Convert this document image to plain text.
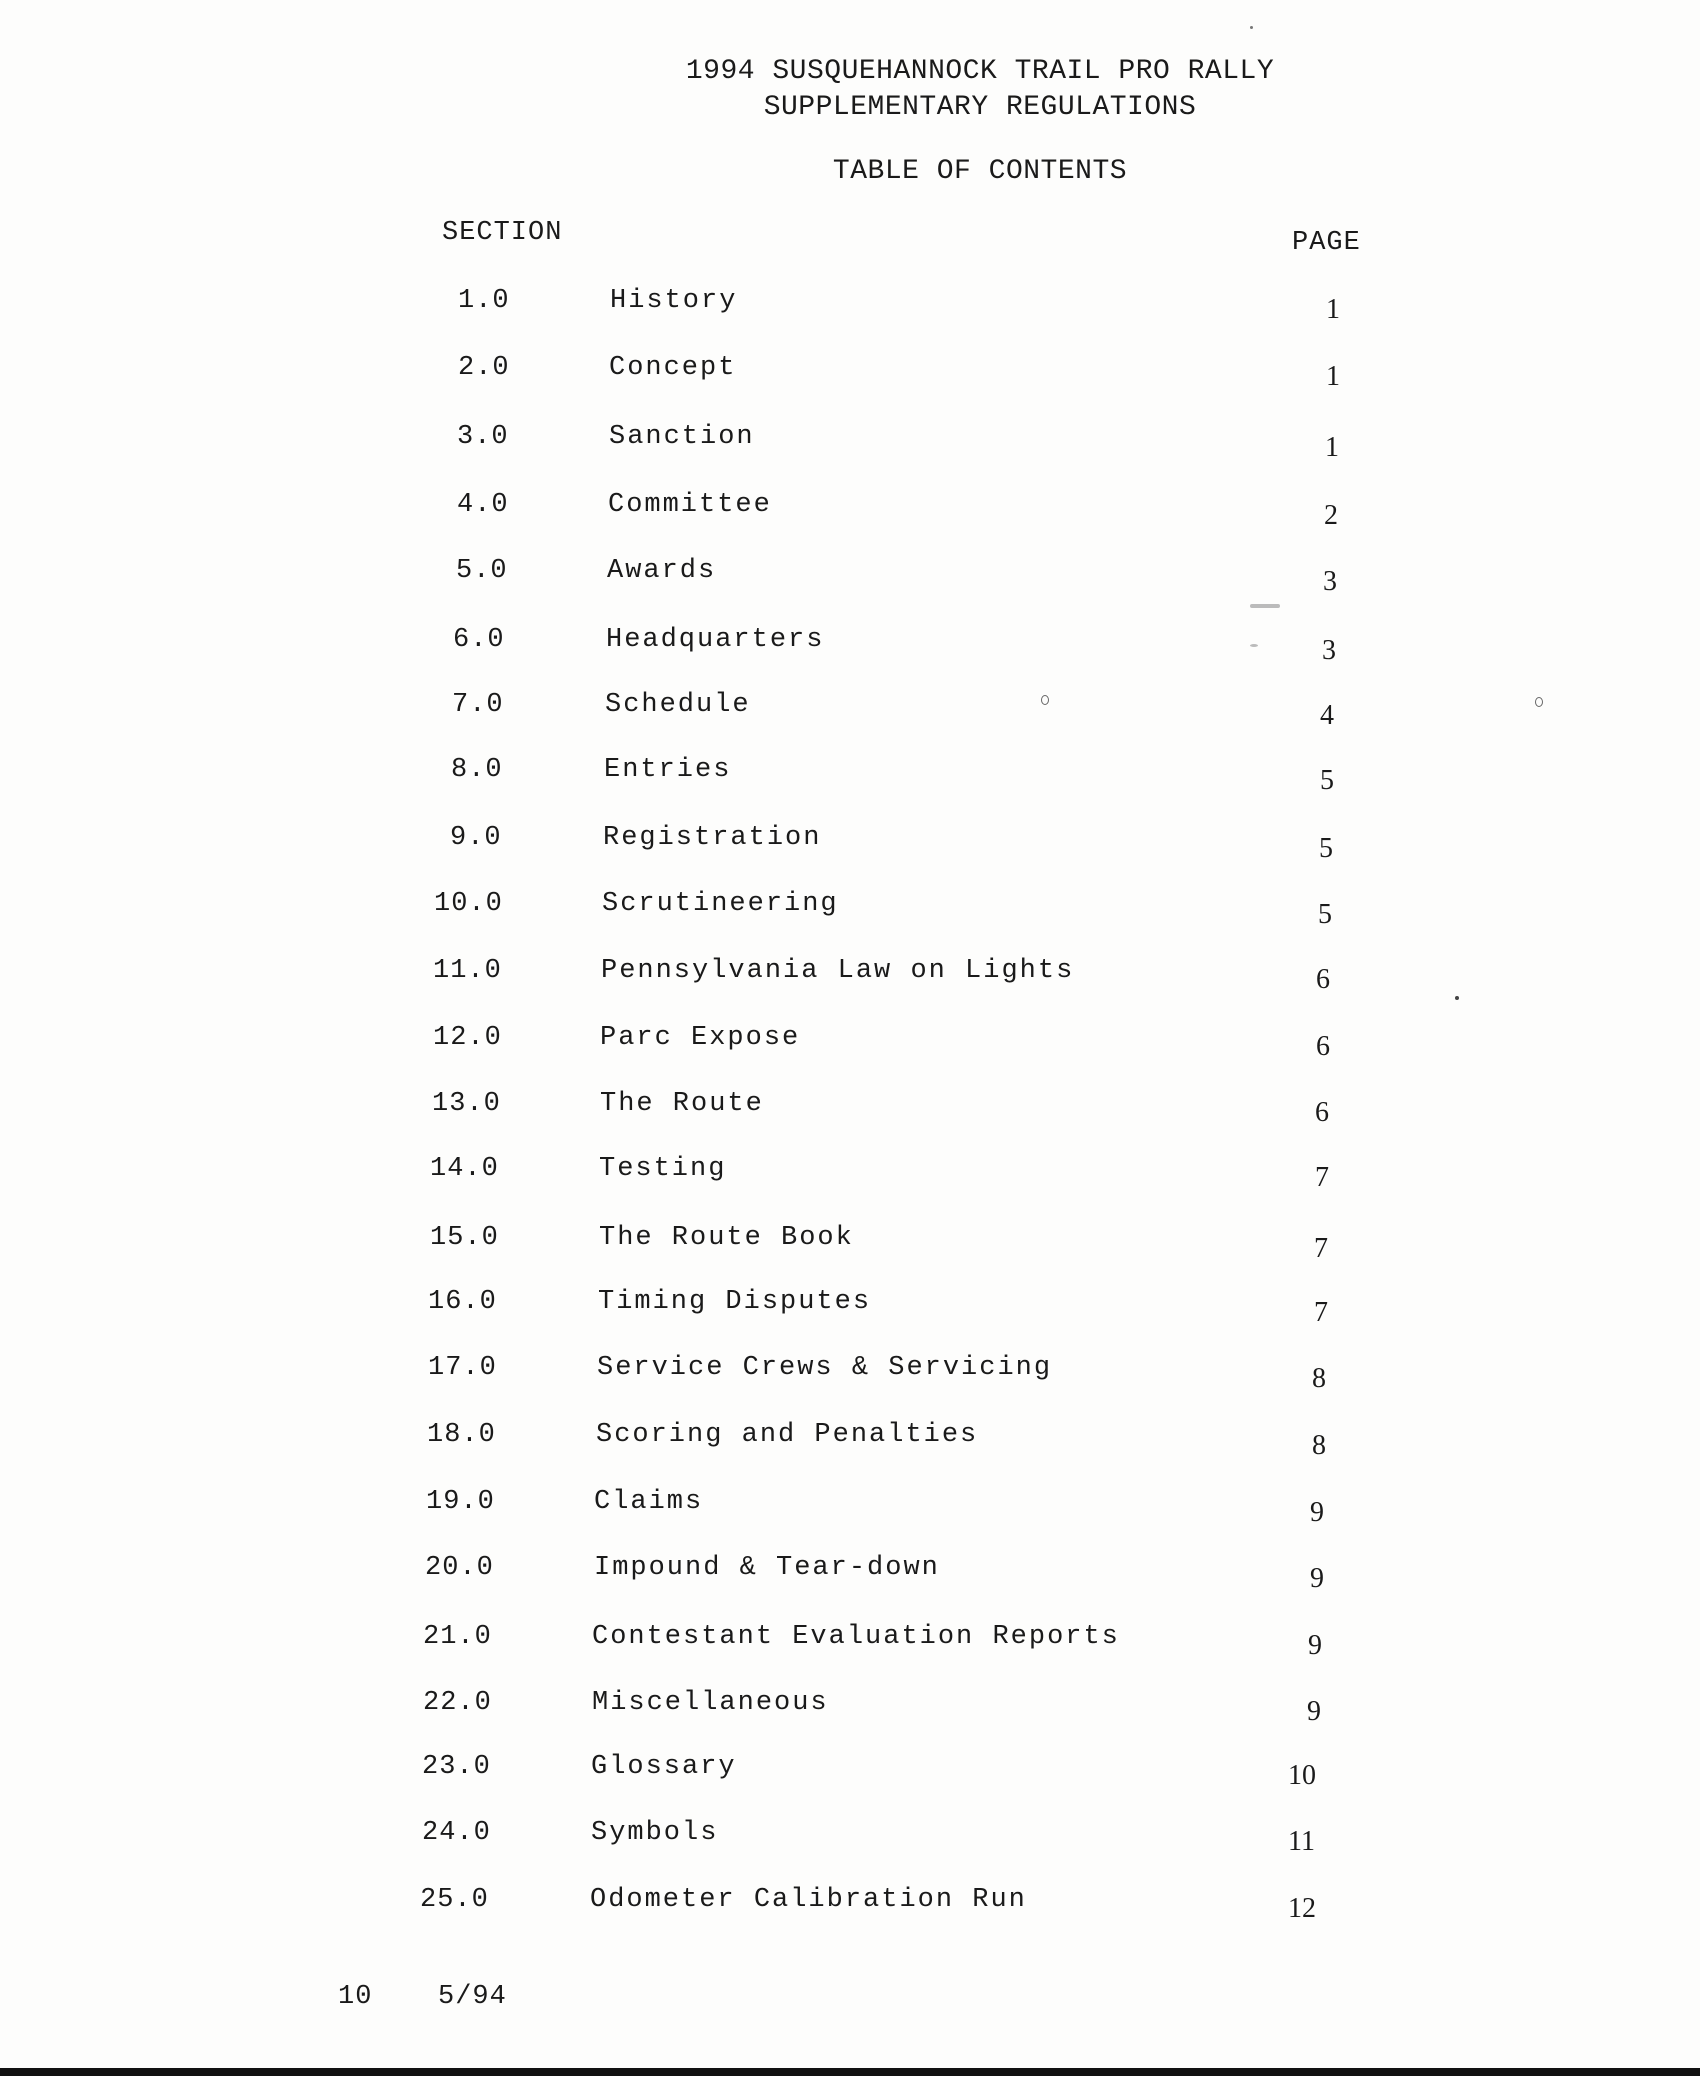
1994 SUSQUEHANNOCK TRAIL PRO RALLY
SUPPLEMENTARY REGULATIONS
TABLE OF CONTENTS
SECTION	PAGE
1.0	History	1
2.0	Concept	1
3.0	Sanction	1
4.0	Committee	2
5.0	Awards	3
6.0	Headquarters	3
7.0	Schedule	4
8.0	Entries	5
9.0	Registration	5
10.0	Scrutineering	5
11.0	Pennsylvania Law on Lights	6
12.0	Parc Expose	6
13.0	The Route	6
14.0	Testing	7
15.0	The Route Book	7
16.0	Timing Disputes	7
17.0	Service Crews & Servicing	8
18.0	Scoring and Penalties	8
19.0	Claims	9
20.0	Impound & Tear-down	9
21.0	Contestant Evaluation Reports	9
22.0	Miscellaneous	9
23.0	Glossary	10
24.0	Symbols	11
25.0	Odometer Calibration Run	12
10 5/94
